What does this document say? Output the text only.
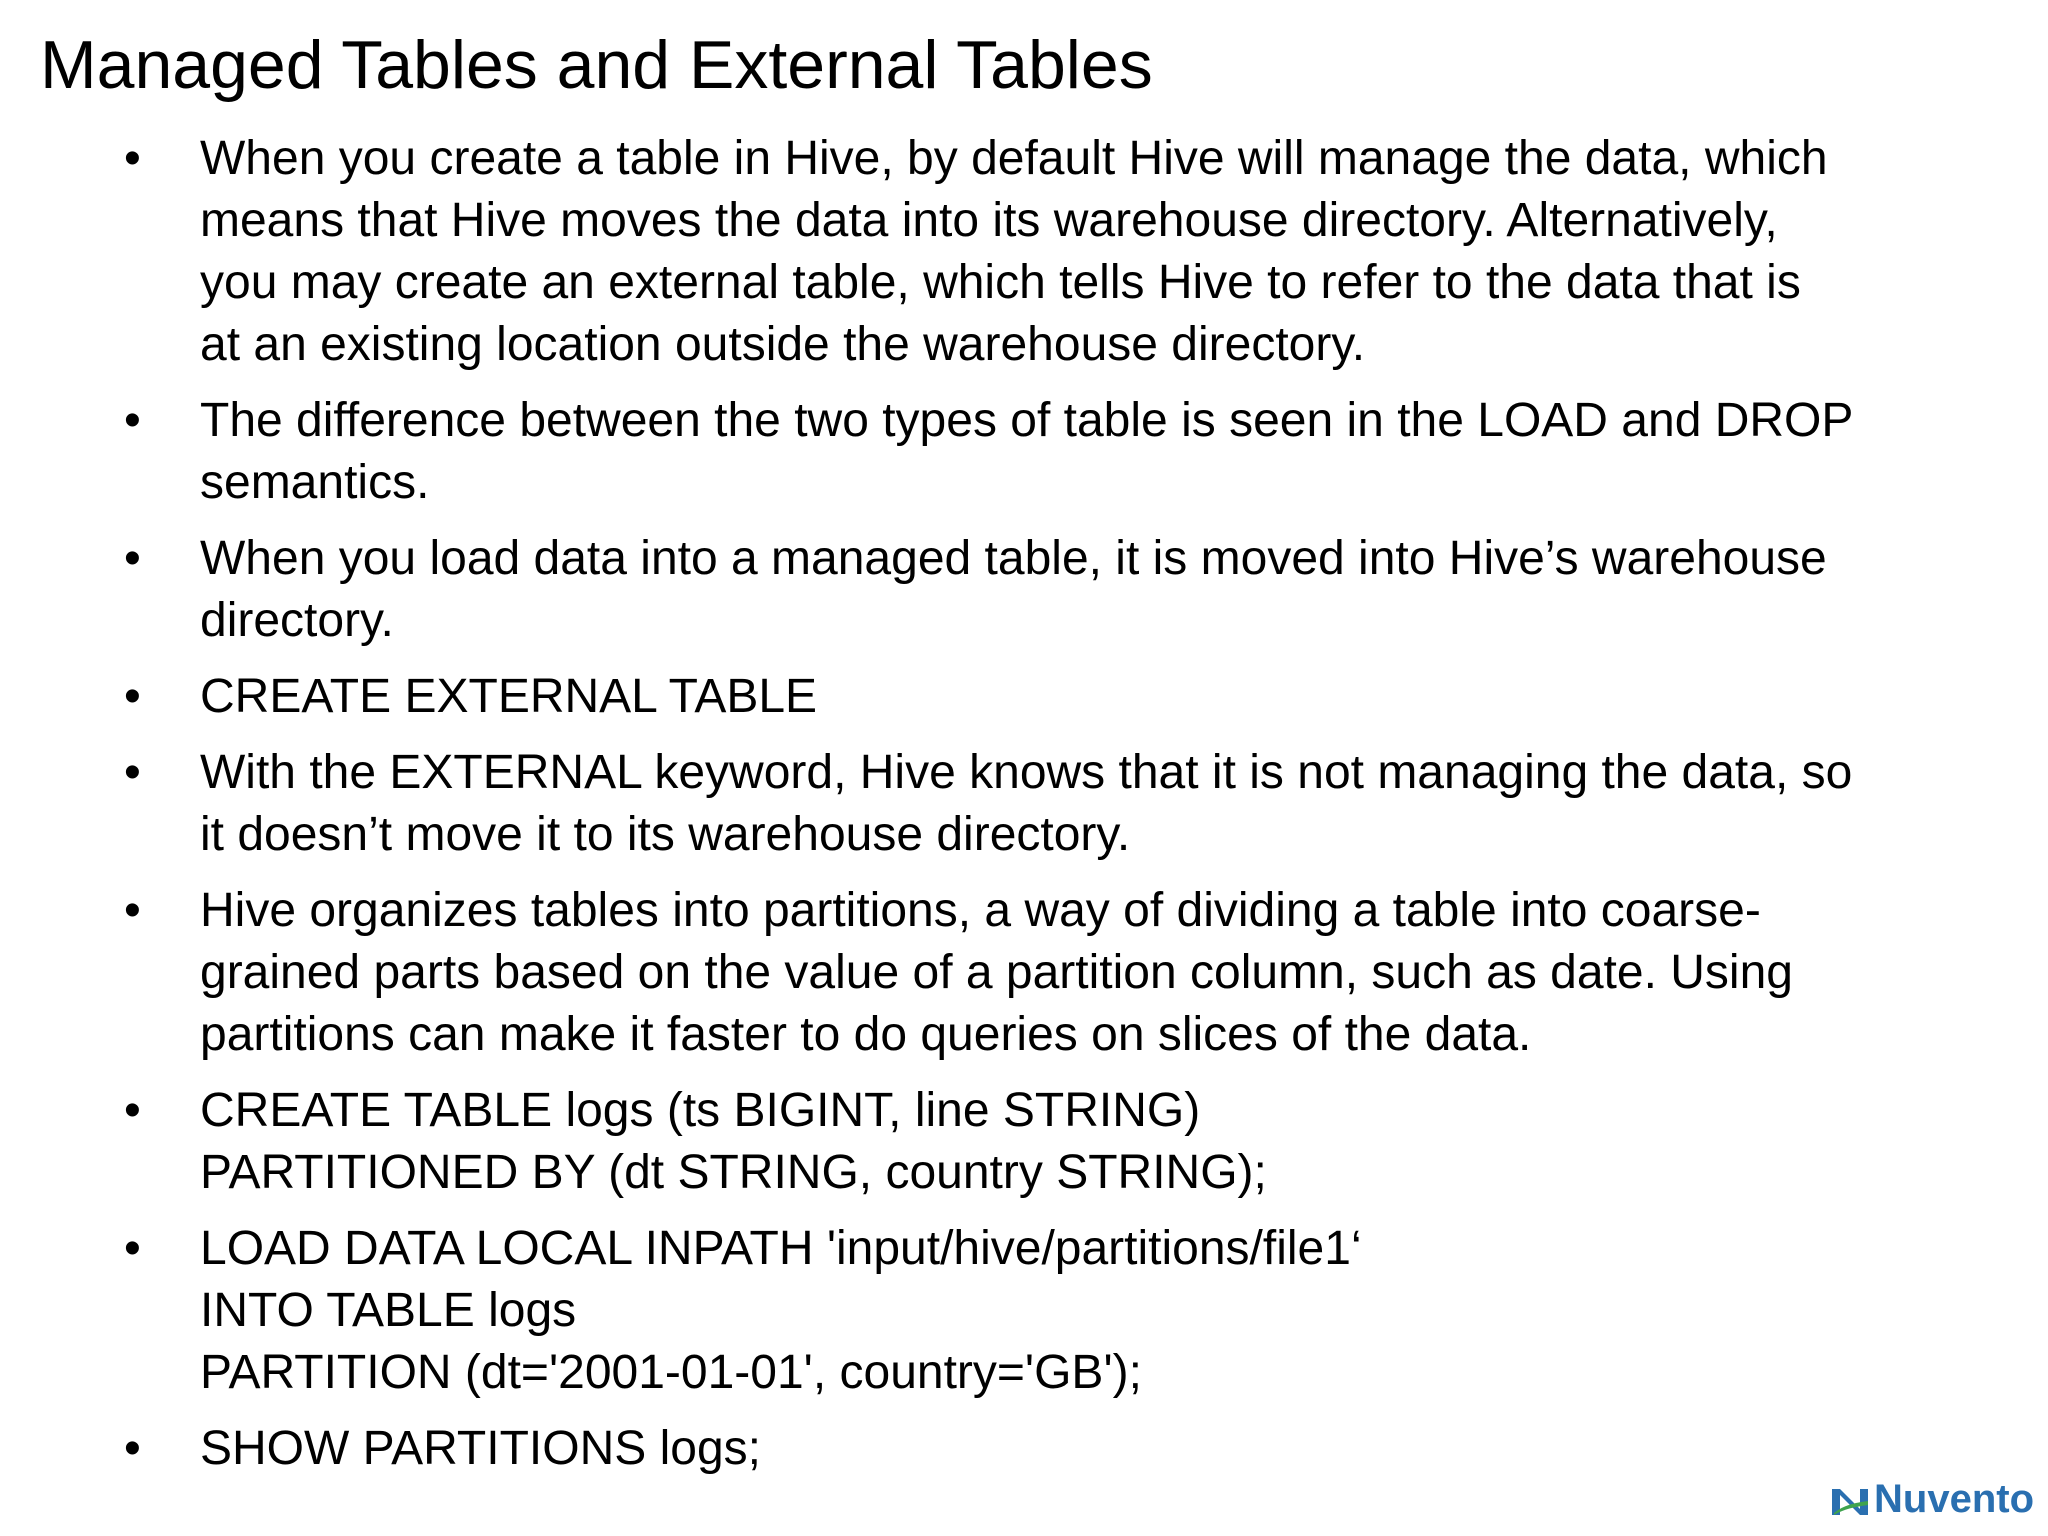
Managed Tables and External Tables
• When you create a table in Hive, by default Hive will manage the data, which
means that Hive moves the data into its warehouse directory. Alternatively,
you may create an external table, which tells Hive to refer to the data that is
at an existing location outside the warehouse directory.
• The difference between the two types of table is seen in the LOAD and DROP
semantics.
• When you load data into a managed table, it is moved into Hive’s warehouse
directory.
• CREATE EXTERNAL TABLE
• With the EXTERNAL keyword, Hive knows that it is not managing the data, so
it doesn’t move it to its warehouse directory.
• Hive organizes tables into partitions, a way of dividing a table into coarse-
grained parts based on the value of a partition column, such as date. Using
partitions can make it faster to do queries on slices of the data.
• CREATE TABLE logs (ts BIGINT, line STRING)
PARTITIONED BY (dt STRING, country STRING);
• LOAD DATA LOCAL INPATH 'input/hive/partitions/file1‘
INTO TABLE logs
PARTITION (dt='2001-01-01', country='GB');
• SHOW PARTITIONS logs;
Nuvento
